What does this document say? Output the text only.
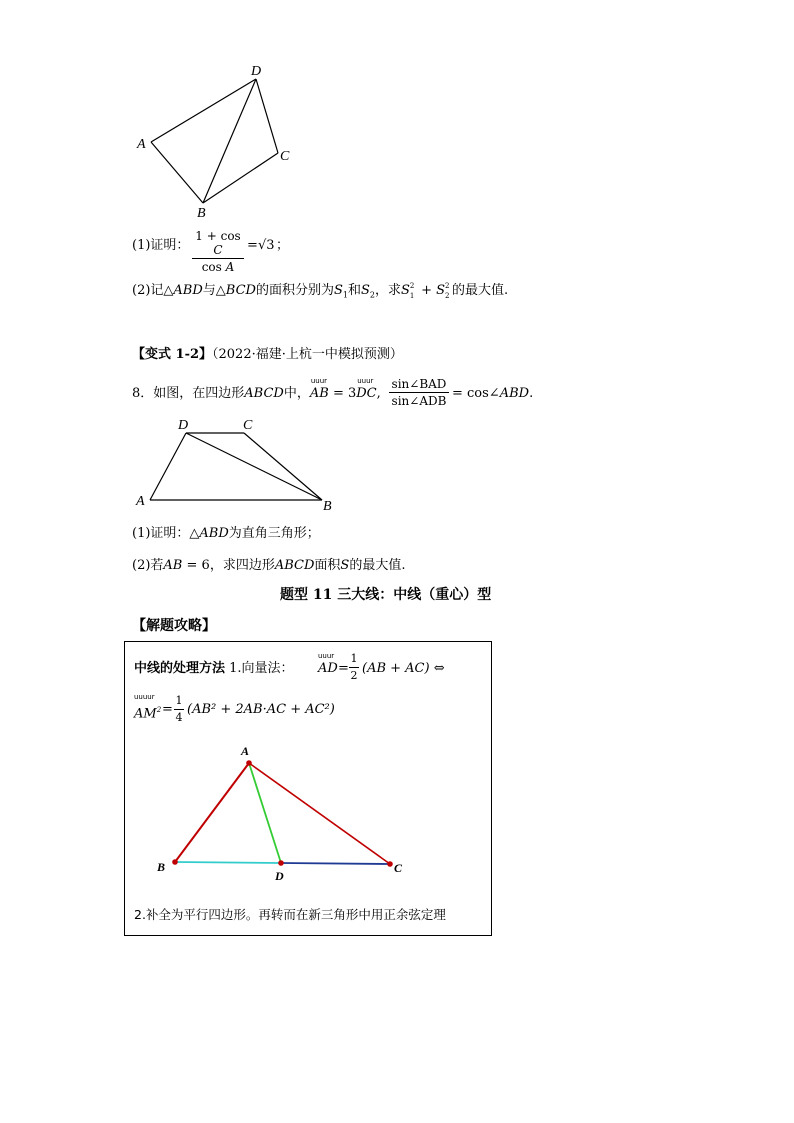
A
D
C
B
(1)证明：
1 + cos C
cos A
= √3 ；
(2)记△ABD与△BCD的面积分别为$S_1$和$S_2$，求S 2
1 + S 2
2 的最大值.
【变式 1-2】（2022·福建·上杭一中模拟预测）
8．如图，在四边形ABCD中，
uuur
AB = 3
uuur
DC,
sin∠BAD
sin∠ADB = cos∠ABD.
D	C
A	B
(1)证明：△ABD为直角三角形；
(2)若AB = 6，求四边形ABCD面积S的最大值.
题型 11 三大线：中线（重心）型
【解题攻略】
中线的处理方法 1.向量法：
uuur
AD =
1
2 (AB + AC) ⇔
uuuur
$AM^2$ =
1
4
(AB² + 2AB·AC + AC²)
A
B
D
C
2.补全为平行四边形。再转而在新三角形中用正余弦定理
